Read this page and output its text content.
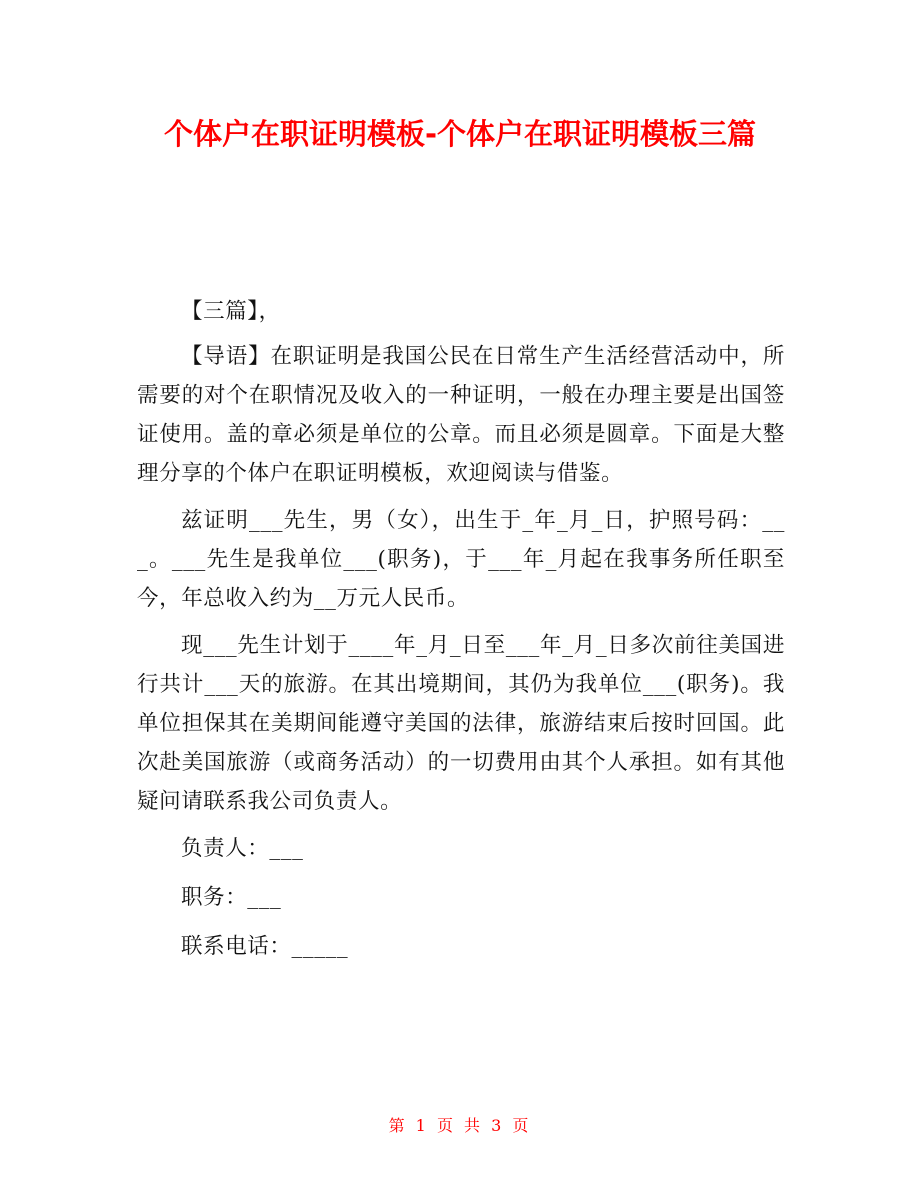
个体户在职证明模板-个体户在职证明模板三篇

【三篇】，

【导语】在职证明是我国公民在日常生产生活经营活动中，所需要的对个在职情况及收入的一种证明，一般在办理主要是出国签证使用。盖的章必须是单位的公章。而且必须是圆章。下面是大整理分享的个体户在职证明模板，欢迎阅读与借鉴。

兹证明___先生，男（女），出生于_年_月_日，护照号码：___。___先生是我单位___(职务)，于___年_月起在我事务所任职至今，年总收入约为__万元人民币。

现___先生计划于____年_月_日至___年_月_日多次前往美国进行共计___天的旅游。在其出境期间，其仍为我单位___(职务)。我单位担保其在美期间能遵守美国的法律，旅游结束后按时回国。此次赴美国旅游（或商务活动）的一切费用由其个人承担。如有其他疑问请联系我公司负责人。

负责人：___

职务：___

联系电话：_____

第 1 页 共 3 页
